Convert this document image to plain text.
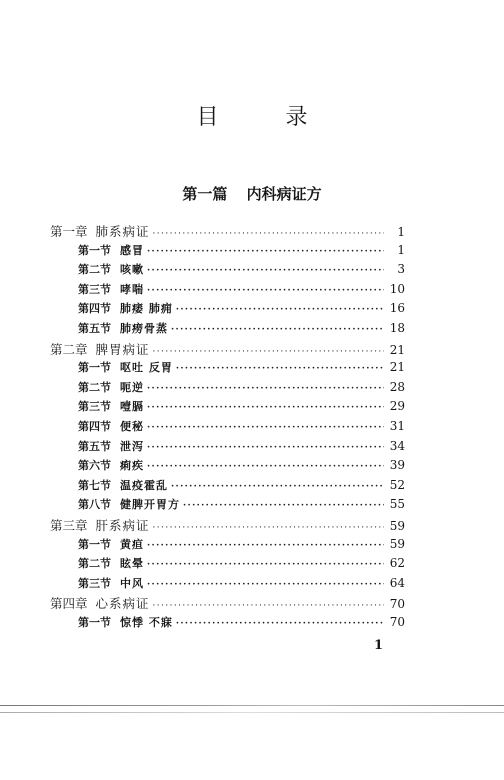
目 录
第一篇 内科病证方
第一章 肺系病证 ·····	1
第一节 感冒 ·····	1
第二节 咳嗽 ·····	3
第三节 哮喘 ·····	10
第四节 肺痿 肺痈 ·····	16
第五节 肺痨骨蒸 ·····	18
第二章 脾胃病证 ·····	21
第一节 呕吐 反胃 ·····	21
第二节 呃逆 ·····	28
第三节 噎膈 ·····	29
第四节 便秘 ·····	31
第五节 泄泻 ·····	34
第六节 痢疾 ·····	39
第七节 温疫霍乱 ·····	52
第八节 健脾开胃方 ·····	55
第三章 肝系病证 ·····	59
第一节 黄疸 ·····	59
第二节 眩晕 ·····	62
第三节 中风 ·····	64
第四章 心系病证 ·····	70
第一节 惊悸 不寐 ·····	70
1
